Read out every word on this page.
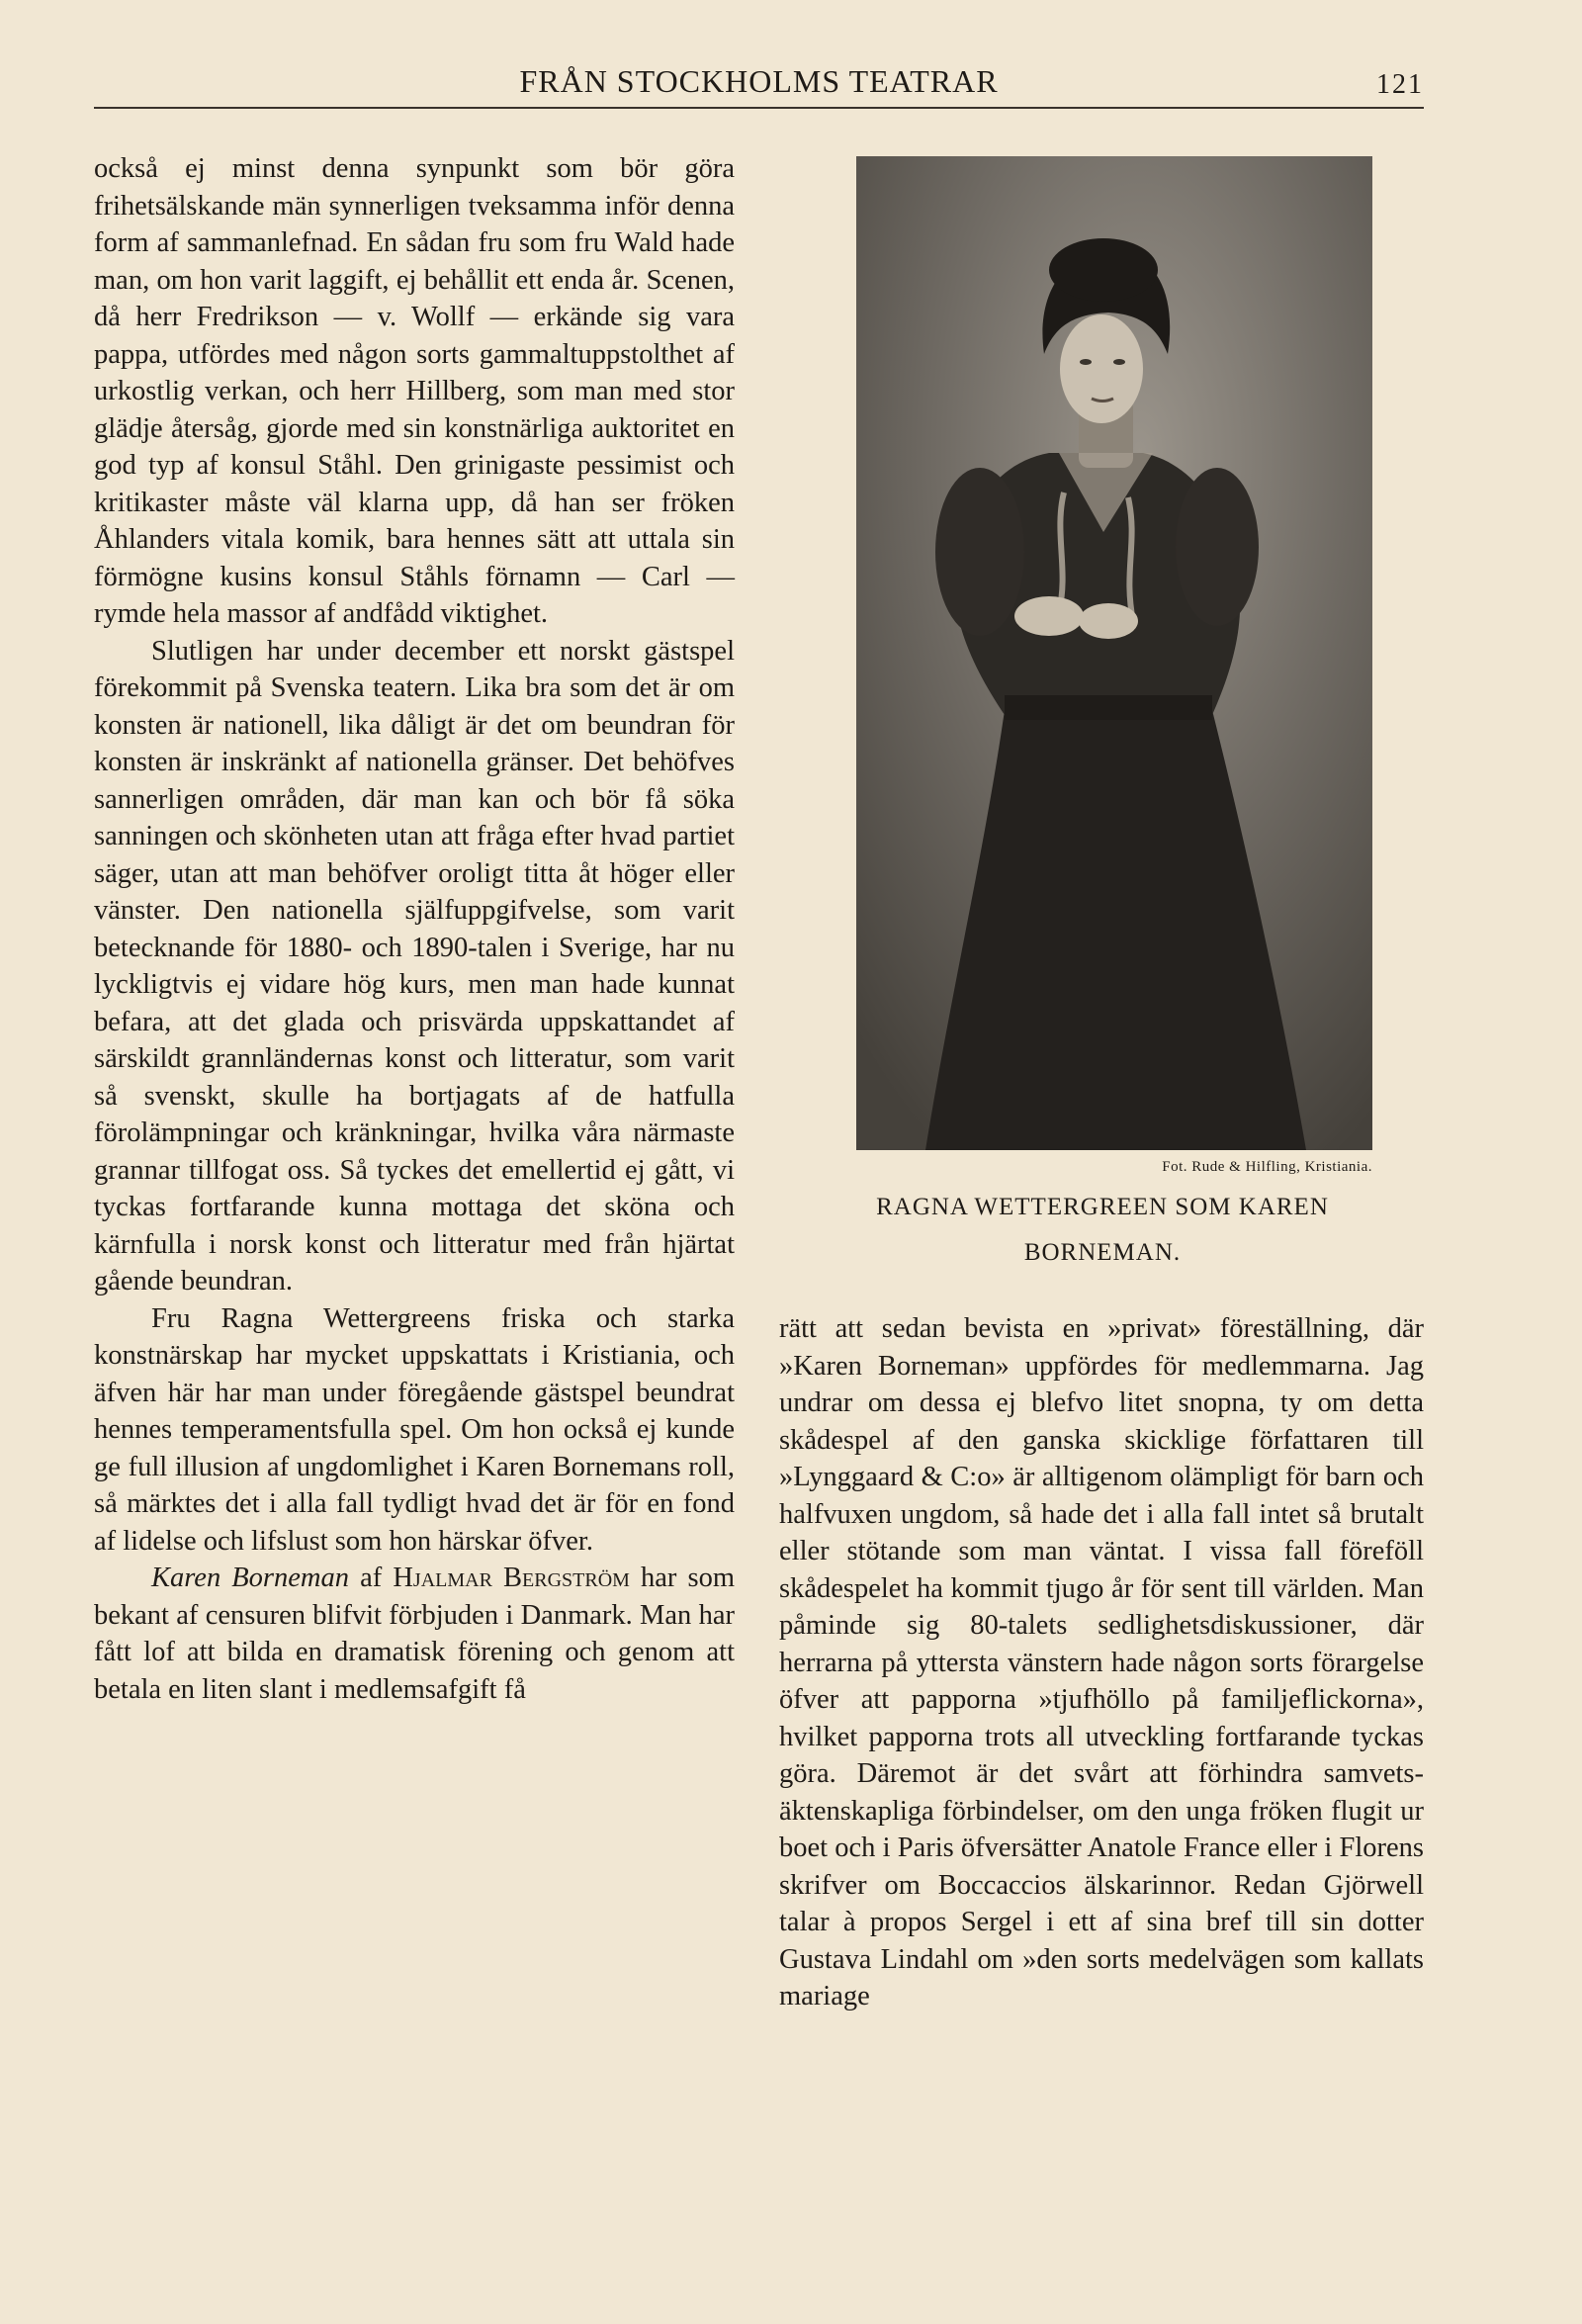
FRÅN STOCKHOLMS TEATRAR	121

också ej minst denna synpunkt som bör göra frihetsälskande män synnerligen tveksamma inför denna form af sammanlefnad. En sådan fru som fru Wald hade man, om hon varit laggift, ej behållit ett enda år. Scenen, då herr Fredrikson — v. Wollf — erkände sig vara pappa, utfördes med någon sorts gammaltuppstolthet af urkostlig verkan, och herr Hillberg, som man med stor glädje återsåg, gjorde med sin konstnärliga auktoritet en god typ af konsul Ståhl. Den grinigaste pessimist och kritikaster måste väl klarna upp, då han ser fröken Åhlanders vitala komik, bara hennes sätt att uttala sin förmögne kusins konsul Ståhls förnamn — Carl — rymde hela massor af andfådd viktighet.

Slutligen har under december ett norskt gästspel förekommit på Svenska teatern. Lika bra som det är om konsten är nationell, lika dåligt är det om beundran för konsten är inskränkt af nationella gränser. Det behöfves sannerligen områden, där man kan och bör få söka sanningen och skönheten utan att fråga efter hvad partiet säger, utan att man behöfver oroligt titta åt höger eller vänster. Den nationella själfuppgifvelse, som varit betecknande för 1880- och 1890-talen i Sverige, har nu lyckligtvis ej vidare hög kurs, men man hade kunnat befara, att det glada och prisvärda uppskattandet af särskildt grannländernas konst och litteratur, som varit så svenskt, skulle ha bortjagats af de hatfulla förolämpningar och kränkningar, hvilka våra närmaste grannar tillfogat oss. Så tyckes det emellertid ej gått, vi tyckas fortfarande kunna mottaga det sköna och kärnfulla i norsk konst och litteratur med från hjärtat gående beundran.

Fru Ragna Wettergreens friska och starka konstnärskap har mycket uppskattats i Kristiania, och äfven här har man under föregående gästspel beundrat hennes temperamentsfulla spel. Om hon också ej kunde ge full illusion af ungdomlighet i Karen Bornemans roll, så märktes det i alla fall tydligt hvad det är för en fond af lidelse och lifslust som hon härskar öfver.

Karen Borneman af Hjalmar Bergström har som bekant af censuren blifvit förbjuden i Danmark. Man har fått lof att bilda en dramatisk förening och genom att betala en liten slant i medlemsafgift få

Fot. Rude & Hilfling, Kristiania.
RAGNA WETTERGREEN SOM KAREN
BORNEMAN.

rätt att sedan bevista en »privat» föreställning, där »Karen Borneman» uppfördes för medlemmarna. Jag undrar om dessa ej blefvo litet snopna, ty om detta skådespel af den ganska skicklige författaren till »Lynggaard & C:o» är alltigenom olämpligt för barn och halfvuxen ungdom, så hade det i alla fall intet så brutalt eller stötande som man väntat. I vissa fall föreföll skådespelet ha kommit tjugo år för sent till världen. Man påminde sig 80-talets sedlighetsdiskussioner, där herrarna på yttersta vänstern hade någon sorts förargelse öfver att papporna »tjufhöllo på familjeflickorna», hvilket papporna trots all utveckling fortfarande tyckas göra. Däremot är det svårt att förhindra samvetsäktenskapliga förbindelser, om den unga fröken flugit ur boet och i Paris öfversätter Anatole France eller i Florens skrifver om Boccaccios älskarinnor. Redan Gjörwell talar à propos Sergel i ett af sina bref till sin dotter Gustava Lindahl om »den sorts medelvägen som kallats mariage
